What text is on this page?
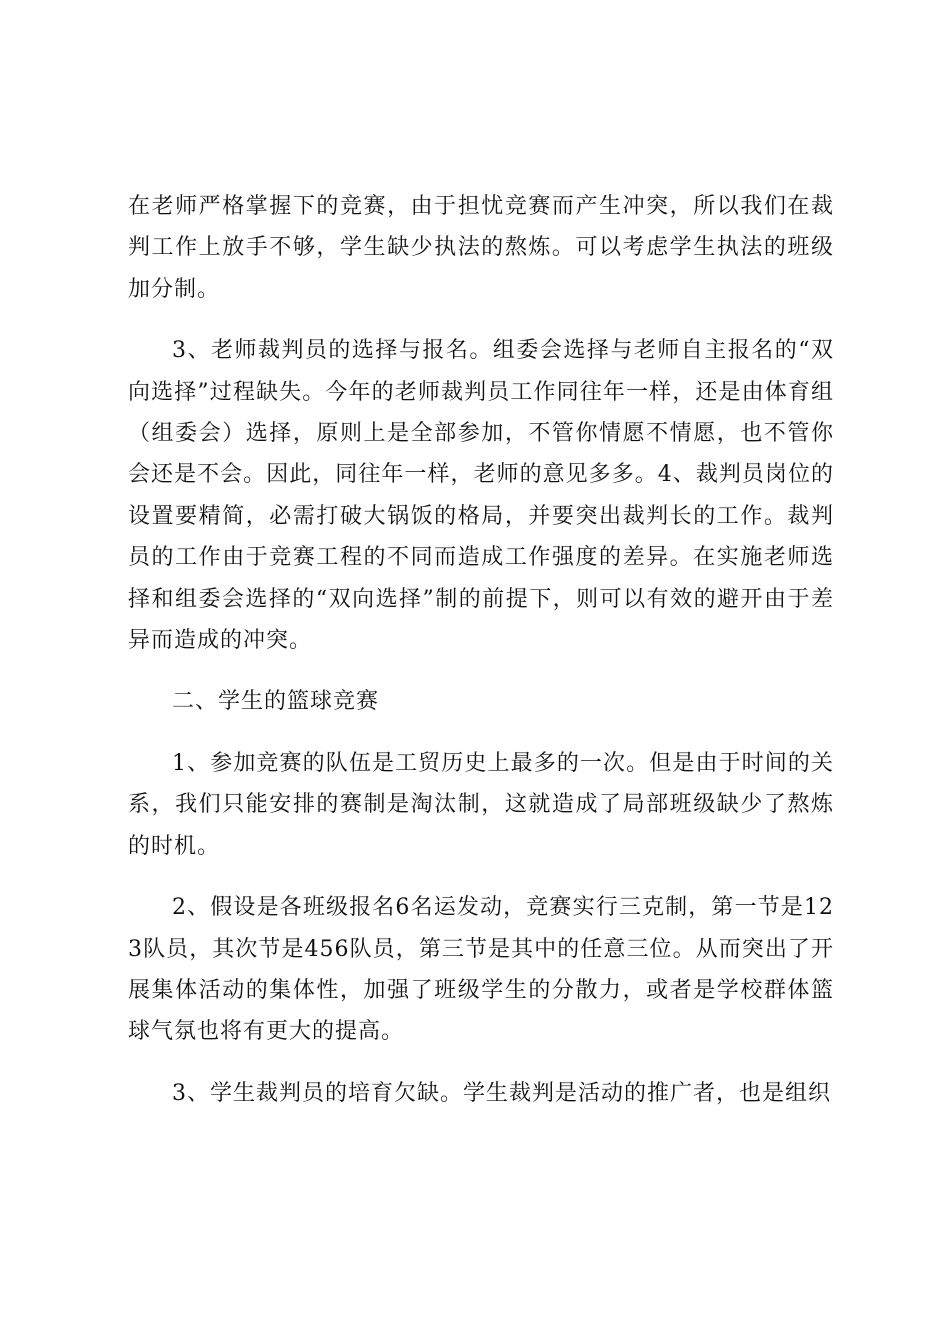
在老师严格掌握下的竞赛，由于担忧竞赛而产生冲突，所以我们在裁判工作上放手不够，学生缺少执法的熬炼。可以考虑学生执法的班级加分制。

3、老师裁判员的选择与报名。组委会选择与老师自主报名的“双向选择”过程缺失。今年的老师裁判员工作同往年一样，还是由体育组（组委会）选择，原则上是全部参加，不管你情愿不情愿，也不管你会还是不会。因此，同往年一样，老师的意见多多。4、裁判员岗位的设置要精简，必需打破大锅饭的格局，并要突出裁判长的工作。裁判员的工作由于竞赛工程的不同而造成工作强度的差异。在实施老师选择和组委会选择的“双向选择”制的前提下，则可以有效的避开由于差异而造成的冲突。

二、学生的篮球竞赛

1、参加竞赛的队伍是工贸历史上最多的一次。但是由于时间的关系，我们只能安排的赛制是淘汰制，这就造成了局部班级缺少了熬炼的时机。

2、假设是各班级报名6名运发动，竞赛实行三克制，第一节是123队员，其次节是456队员，第三节是其中的任意三位。从而突出了开展集体活动的集体性，加强了班级学生的分散力，或者是学校群体篮球气氛也将有更大的提高。

3、学生裁判员的培育欠缺。学生裁判是活动的推广者，也是组织
